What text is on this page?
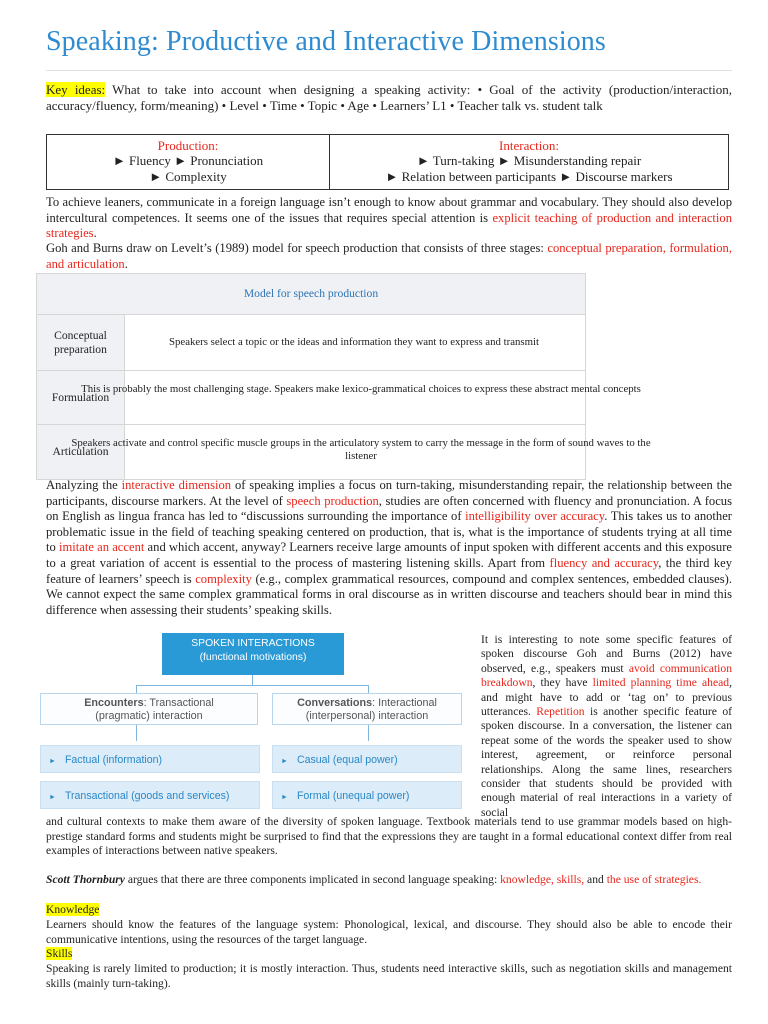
Speaking: Productive and Interactive Dimensions
Key ideas: What to take into account when designing a speaking activity: • Goal of the activity (production/interaction, accuracy/fluency, form/meaning) • Level • Time • Topic • Age • Learners’ L1 • Teacher talk vs. student talk
Production:
► Fluency ► Pronunciation
► Complexity
Interaction:
► Turn-taking ► Misunderstanding repair
► Relation between participants ► Discourse markers
To achieve leaners, communicate in a foreign language isn’t enough to know about grammar and vocabulary. They should also develop intercultural competences. It seems one of the issues that requires special attention is explicit teaching of production and interaction strategies.
Goh and Burns draw on Levelt’s (1989) model for speech production that consists of three stages: conceptual preparation, formulation, and articulation.
Model for speech production
Conceptual preparation
Speakers select a topic or the ideas and information they want to express and transmit
Formulation
Articulation
This is probably the most challenging stage. Speakers make lexico-grammatical choices to express these abstract mental concepts
Speakers activate and control specific muscle groups in the articulatory system to carry the message in the form of sound waves to the listener
Analyzing the interactive dimension of speaking implies a focus on turn-taking, misunderstanding repair, the relationship between the participants, discourse markers. At the level of speech production, studies are often concerned with fluency and pronunciation. A focus on English as lingua franca has led to “discussions surrounding the importance of intelligibility over accuracy. This takes us to another problematic issue in the field of teaching speaking centered on production, that is, what is the importance of students trying at all time to imitate an accent and which accent, anyway? Learners receive large amounts of input spoken with different accents and this exposure to a great variation of accent is essential to the process of mastering listening skills. Apart from fluency and accuracy, the third key feature of learners’ speech is complexity (e.g., complex grammatical resources, compound and complex sentences, embedded clauses). We cannot expect the same complex grammatical forms in oral discourse as in written discourse and teachers should bear in mind this difference when assessing their students’ speaking skills.
SPOKEN INTERACTIONS
(functional motivations)
Encounters: Transactional
(pragmatic) interaction
Conversations: Interactional
(interpersonal) interaction
► Factual (information)
► Transactional (goods and services)
► Casual (equal power)
► Formal (unequal power)
It is interesting to note some specific features of spoken discourse Goh and Burns (2012) have observed, e.g., speakers must avoid communication breakdown, they have limited planning time ahead, and might have to add or ‘tag on’ to previous utterances. Repetition is another specific feature of spoken discourse. In a conversation, the listener can repeat some of the words the speaker used to show interest, agreement, or reinforce personal relationships. Along the same lines, researchers consider that students should be provided with enough material of real interactions in a variety of social
and cultural contexts to make them aware of the diversity of spoken language. Textbook materials tend to use grammar models based on high-prestige standard forms and students might be surprised to find that the expressions they are taught in a formal educational context differ from real examples of interactions between native speakers.
Scott Thornbury argues that there are three components implicated in second language speaking: knowledge, skills, and the use of strategies.
Knowledge
Learners should know the features of the language system: Phonological, lexical, and discourse. They should also be able to encode their communicative intentions, using the resources of the target language.
Skills
Speaking is rarely limited to production; it is mostly interaction. Thus, students need interactive skills, such as negotiation skills and management skills (mainly turn-taking).
